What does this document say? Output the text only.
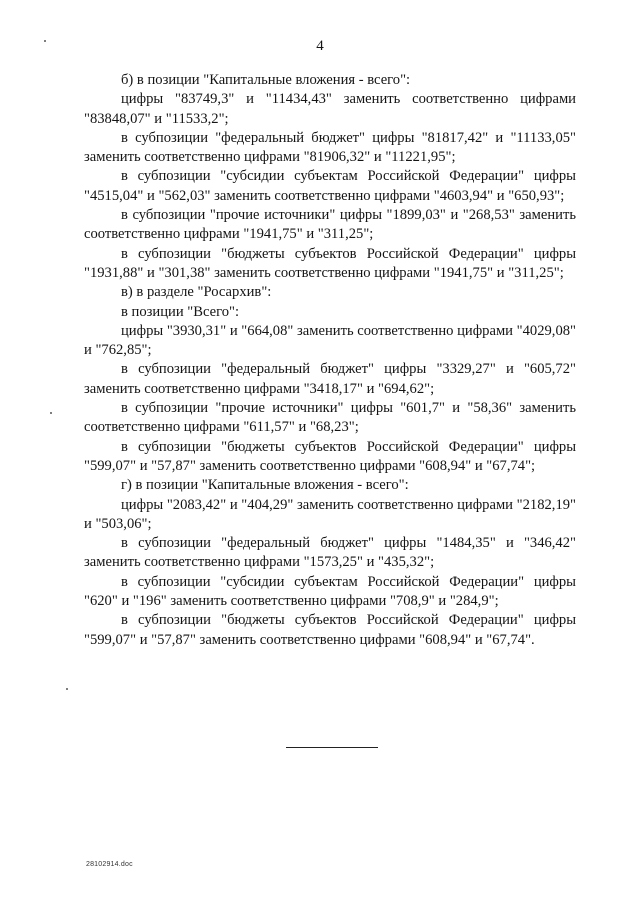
4

б) в позиции "Капитальные вложения - всего":

цифры "83749,3" и "11434,43" заменить соответственно цифрами "83848,07" и "11533,2";

в субпозиции "федеральный бюджет" цифры "81817,42" и "11133,05" заменить соответственно цифрами "81906,32" и "11221,95";

в субпозиции "субсидии субъектам Российской Федерации" цифры "4515,04" и "562,03" заменить соответственно цифрами "4603,94" и "650,93";

в субпозиции "прочие источники" цифры "1899,03" и "268,53" заменить соответственно цифрами "1941,75" и "311,25";

в субпозиции "бюджеты субъектов Российской Федерации" цифры "1931,88" и "301,38" заменить соответственно цифрами "1941,75" и "311,25";

в) в разделе "Росархив":

в позиции "Всего":

цифры "3930,31" и "664,08" заменить соответственно цифрами "4029,08" и "762,85";

в субпозиции "федеральный бюджет" цифры "3329,27" и "605,72" заменить соответственно цифрами "3418,17" и "694,62";

в субпозиции "прочие источники" цифры "601,7" и "58,36" заменить соответственно цифрами "611,57" и "68,23";

в субпозиции "бюджеты субъектов Российской Федерации" цифры "599,07" и "57,87" заменить соответственно цифрами "608,94" и "67,74";

г) в позиции "Капитальные вложения - всего":

цифры "2083,42" и "404,29" заменить соответственно цифрами "2182,19" и "503,06";

в субпозиции "федеральный бюджет" цифры "1484,35" и "346,42" заменить соответственно цифрами "1573,25" и "435,32";

в субпозиции "субсидии субъектам Российской Федерации" цифры "620" и "196" заменить соответственно цифрами "708,9" и "284,9";

в субпозиции "бюджеты субъектов Российской Федерации" цифры "599,07" и "57,87" заменить соответственно цифрами "608,94" и "67,74".

28102914.doc
